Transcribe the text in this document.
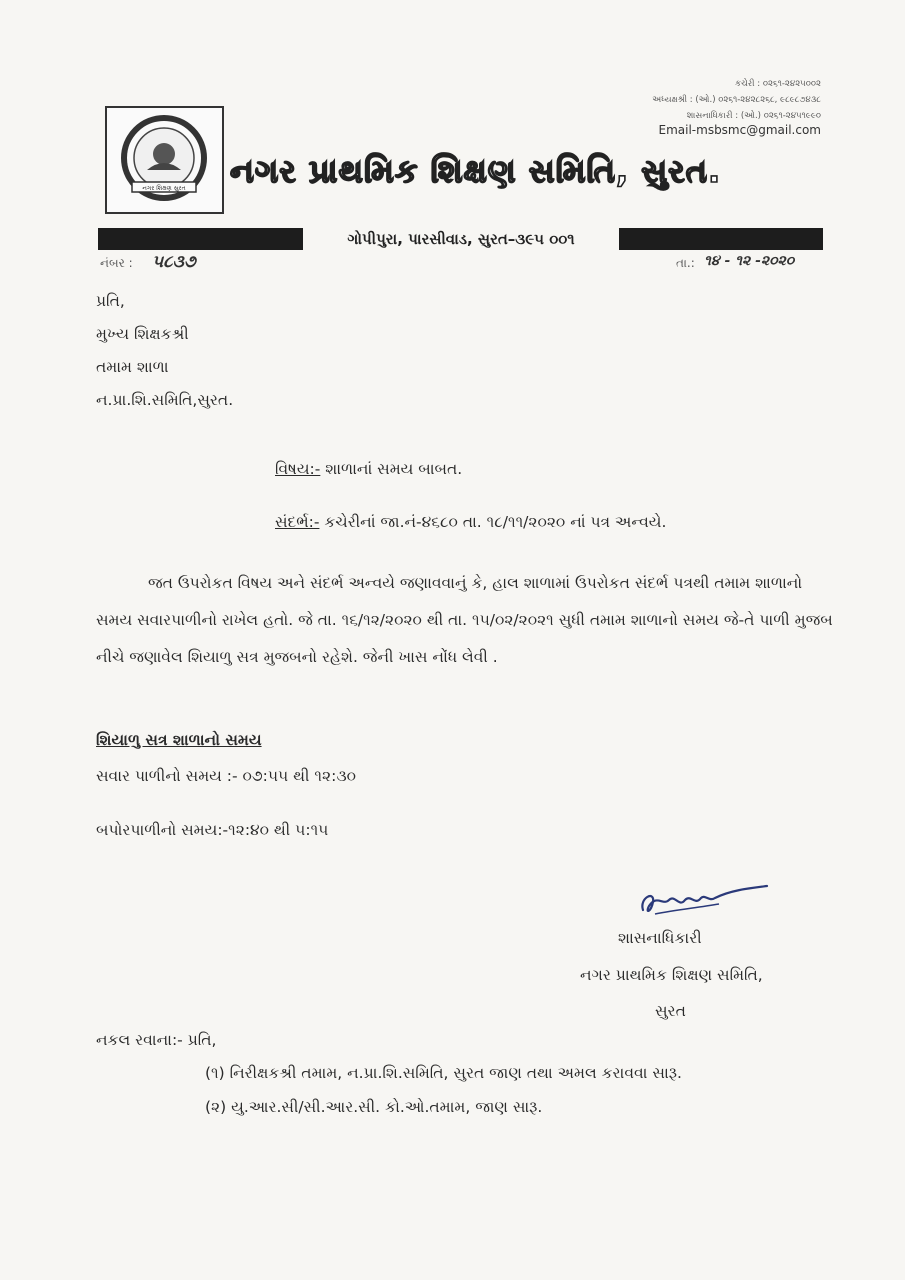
કચેરી : ૦૨૬૧-૨૪૨૫૦૦૨
અધ્યક્ષશ્રી : (ઓ.) ૦૨૬૧-૨૪૨૮૨૬૮, ૯૮૯૮૭૪૩૮
શાસનાધિકારી : (ઓ.) ૦૨૬૧-૨૪૫૧૯૯૦
Email-msbsmc@gmail.com
નગર શિક્ષણ સુરત નગર પ્રાથમિક શિક્ષણ સમિતિ, સુરત.
ગોપીપુરા, પારસીવાડ, સુરત–૩૯૫ ૦૦૧
નંબર : ૫૮૩૭	તા.: ૧૪ - ૧૨ -૨૦૨૦
પ્રતિ,
મુખ્ય શિક્ષકશ્રી
તમામ શાળા
ન.પ્રા.શિ.સમિતિ,સુરત.
વિષય:- શાળાનાં સમય બાબત.
સંદર્ભ:- કચેરીનાં જા.નં-૪૬૮૦ તા. ૧૮/૧૧/૨૦૨૦ નાં પત્ર અન્વયે.
જત ઉપરોકત વિષય અને સંદર્ભ અન્વયે જણાવવાનું કે, હાલ શાળામાં ઉપરોકત સંદર્ભ પત્રથી તમામ શાળાનો સમય સવારપાળીનો રાખેલ હતો. જે તા. ૧૬/૧૨/૨૦૨૦ થી તા. ૧૫/૦૨/૨૦૨૧ સુધી તમામ શાળાનો સમય જે-તે પાળી મુજબ નીચે જણાવેલ શિયાળુ સત્ર મુજબનો રહેશે. જેની ખાસ નોંધ લેવી .
શિયાળુ સત્ર શાળાનો સમય
સવાર પાળીનો સમય :- ૦૭:૫૫ થી ૧૨:૩૦
બપોરપાળીનો સમય:-૧૨:૪૦ થી ૫:૧૫
શાસનાધિકારી
નગર પ્રાથમિક શિક્ષણ સમિતિ,
સુરત
નકલ રવાના:- પ્રતિ,
(૧) નિરીક્ષકશ્રી તમામ, ન.પ્રા.શિ.સમિતિ, સુરત જાણ તથા અમલ કરાવવા સારૂ.
(૨) યુ.આર.સી/સી.આર.સી. કો.ઓ.તમામ, જાણ સારૂ.
